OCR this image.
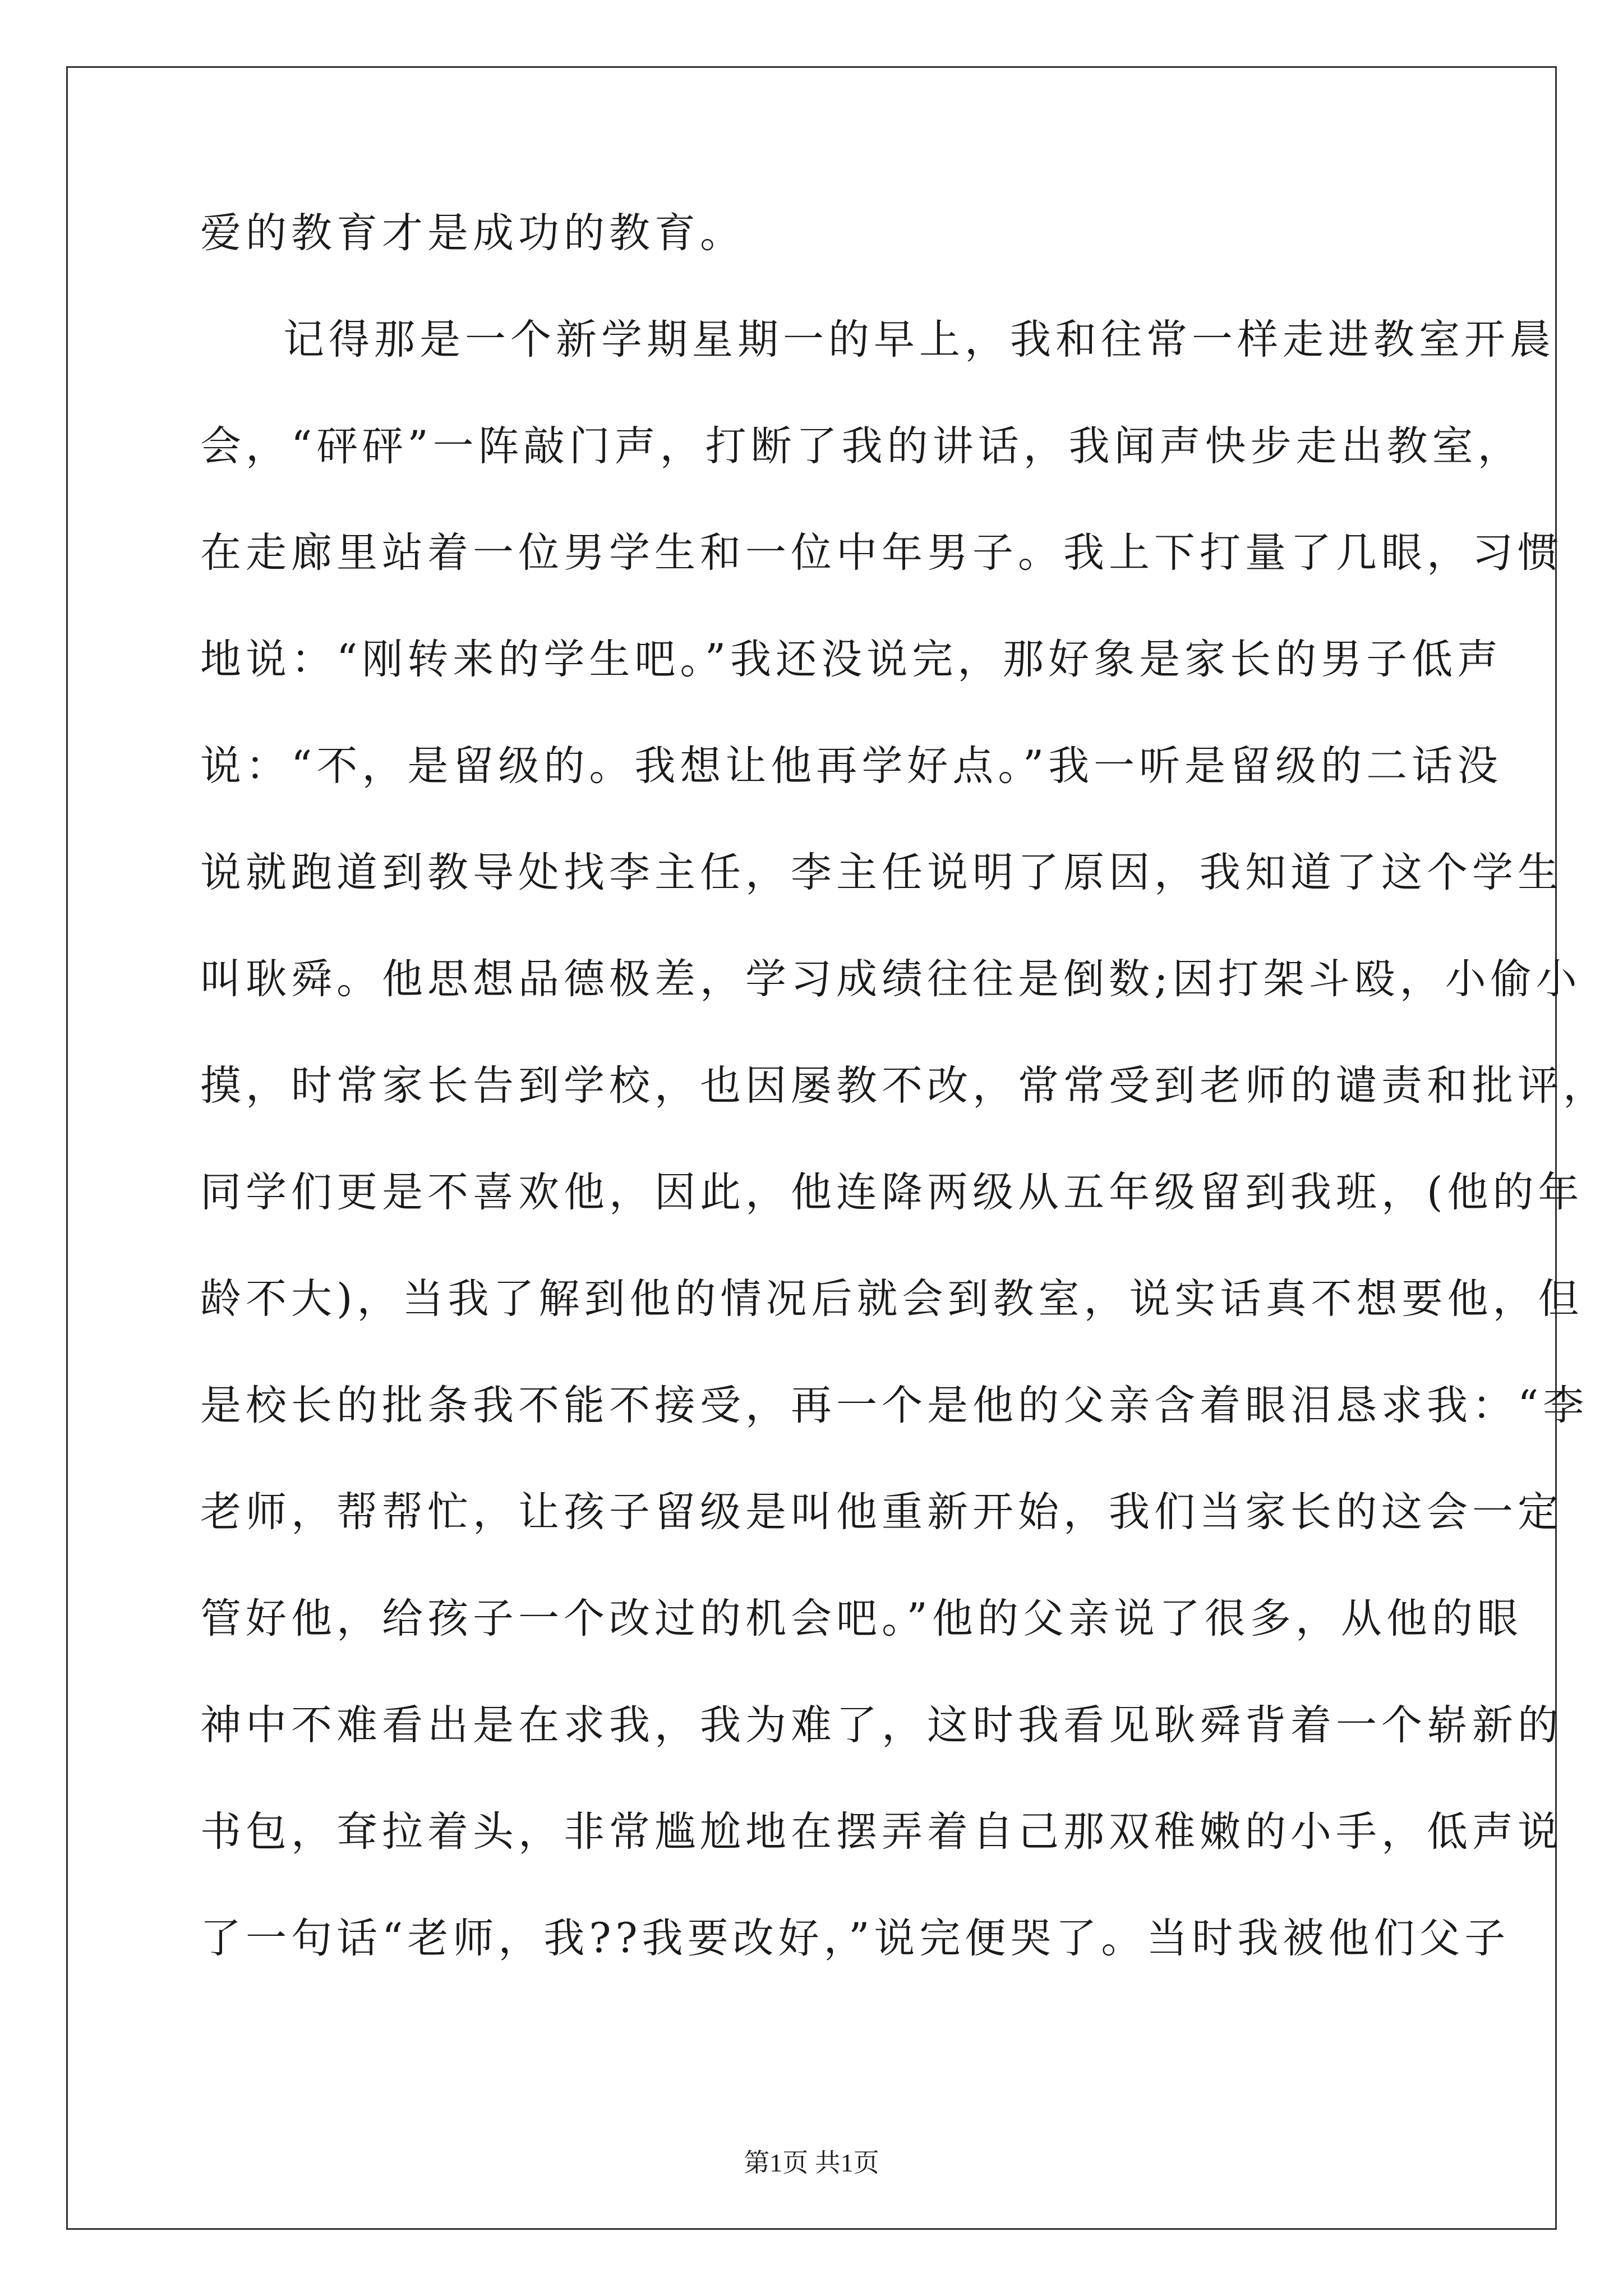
爱的教育才是成功的教育。
记得那是一个新学期星期一的早上，我和往常一样走进教室开晨
会，“砰砰”一阵敲门声，打断了我的讲话，我闻声快步走出教室，
在走廊里站着一位男学生和一位中年男子。我上下打量了几眼，习惯
地说：“刚转来的学生吧。”我还没说完，那好象是家长的男子低声
说：“不，是留级的。我想让他再学好点。”我一听是留级的二话没
说就跑道到教导处找李主任，李主任说明了原因，我知道了这个学生
叫耿舜。他思想品德极差，学习成绩往往是倒数;因打架斗殴，小偷小
摸，时常家长告到学校，也因屡教不改，常常受到老师的谴责和批评，
同学们更是不喜欢他，因此，他连降两级从五年级留到我班，(他的年
龄不大)，当我了解到他的情况后就会到教室，说实话真不想要他，但
是校长的批条我不能不接受，再一个是他的父亲含着眼泪恳求我：“李
老师，帮帮忙，让孩子留级是叫他重新开始，我们当家长的这会一定
管好他，给孩子一个改过的机会吧。”他的父亲说了很多，从他的眼
神中不难看出是在求我，我为难了，这时我看见耿舜背着一个崭新的
书包，耷拉着头，非常尴尬地在摆弄着自己那双稚嫩的小手，低声说
了一句话“老师，我??我要改好，”说完便哭了。当时我被他们父子
第1页 共1页
